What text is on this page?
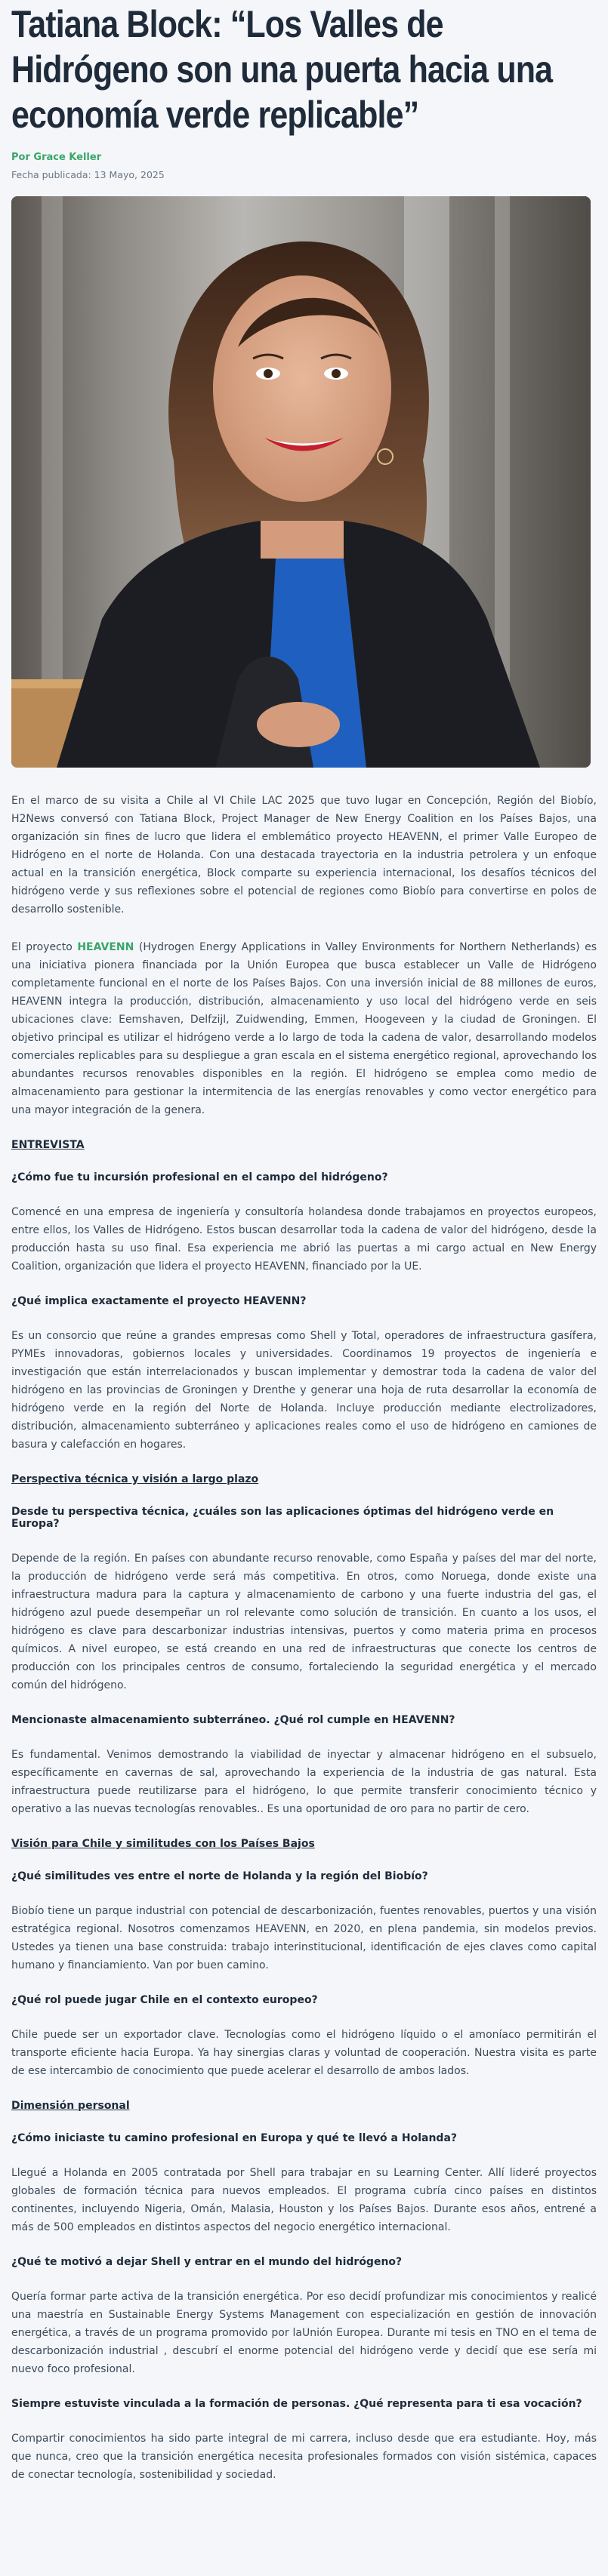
Tatiana Block: “Los Valles de Hidrógeno son una puerta hacia una economía verde replicable”
Por Grace Keller
Fecha publicada: 13 Mayo, 2025

En el marco de su visita a Chile al VI Chile LAC 2025 que tuvo lugar en Concepción, Región del Biobío, H2News conversó con Tatiana Block, Project Manager de New Energy Coalition en los Países Bajos, una organización sin fines de lucro que lidera el emblemático proyecto HEAVENN, el primer Valle Europeo de Hidrógeno en el norte de Holanda. Con una destacada trayectoria en la industria petrolera y un enfoque actual en la transición energética, Block comparte su experiencia internacional, los desafíos técnicos del hidrógeno verde y sus reflexiones sobre el potencial de regiones como Biobío para convertirse en polos de desarrollo sostenible.

El proyecto HEAVENN (Hydrogen Energy Applications in Valley Environments for Northern Netherlands) es una iniciativa pionera financiada por la Unión Europea que busca establecer un Valle de Hidrógeno completamente funcional en el norte de los Países Bajos. Con una inversión inicial de 88 millones de euros, HEAVENN integra la producción, distribución, almacenamiento y uso local del hidrógeno verde en seis ubicaciones clave: Eemshaven, Delfzijl, Zuidwending, Emmen, Hoogeveen y la ciudad de Groningen. El objetivo principal es utilizar el hidrógeno verde a lo largo de toda la cadena de valor, desarrollando modelos comerciales replicables para su despliegue a gran escala en el sistema energético regional, aprovechando los abundantes recursos renovables disponibles en la región. El hidrógeno se emplea como medio de almacenamiento para gestionar la intermitencia de las energías renovables y como vector energético para una mayor integración de la genera.

ENTREVISTA
¿Cómo fue tu incursión profesional en el campo del hidrógeno?

Comencé en una empresa de ingeniería y consultoría holandesa donde trabajamos en proyectos europeos, entre ellos, los Valles de Hidrógeno. Estos buscan desarrollar toda la cadena de valor del hidrógeno, desde la producción hasta su uso final. Esa experiencia me abrió las puertas a mi cargo actual en New Energy Coalition, organización que lidera el proyecto HEAVENN, financiado por la UE.

¿Qué implica exactamente el proyecto HEAVENN?

Es un consorcio que reúne a grandes empresas como Shell y Total, operadores de infraestructura gasífera, PYMEs innovadoras, gobiernos locales y universidades. Coordinamos 19 proyectos de ingeniería e investigación que están interrelacionados y buscan implementar y demostrar toda la cadena de valor del hidrógeno en las provincias de Groningen y Drenthe y generar una hoja de ruta desarrollar la economía de hidrógeno verde en la región del Norte de Holanda. Incluye producción mediante electrolizadores, distribución, almacenamiento subterráneo y aplicaciones reales como el uso de hidrógeno en camiones de basura y calefacción en hogares.

Perspectiva técnica y visión a largo plazo
Desde tu perspectiva técnica, ¿cuáles son las aplicaciones óptimas del hidrógeno verde en Europa?

Depende de la región. En países con abundante recurso renovable, como España y países del mar del norte, la producción de hidrógeno verde será más competitiva. En otros, como Noruega, donde existe una infraestructura madura para la captura y almacenamiento de carbono y una fuerte industria del gas, el hidrógeno azul puede desempeñar un rol relevante como solución de transición. En cuanto a los usos, el hidrógeno es clave para descarbonizar industrias intensivas, puertos y como materia prima en procesos químicos. A nivel europeo, se está creando en una red de infraestructuras que conecte los centros de producción con los principales centros de consumo, fortaleciendo la seguridad energética y el mercado común del hidrógeno.

Mencionaste almacenamiento subterráneo. ¿Qué rol cumple en HEAVENN?

Es fundamental. Venimos demostrando la viabilidad de inyectar y almacenar hidrógeno en el subsuelo, específicamente en cavernas de sal, aprovechando la experiencia de la industria de gas natural. Esta infraestructura puede reutilizarse para el hidrógeno, lo que permite transferir conocimiento técnico y operativo a las nuevas tecnologías renovables.. Es una oportunidad de oro para no partir de cero.

Visión para Chile y similitudes con los Países Bajos
¿Qué similitudes ves entre el norte de Holanda y la región del Biobío?

Biobío tiene un parque industrial con potencial de descarbonización, fuentes renovables, puertos y una visión estratégica regional. Nosotros comenzamos HEAVENN, en 2020, en plena pandemia, sin modelos previos. Ustedes ya tienen una base construida: trabajo interinstitucional, identificación de ejes claves como capital humano y financiamiento. Van por buen camino.

¿Qué rol puede jugar Chile en el contexto europeo?

Chile puede ser un exportador clave. Tecnologías como el hidrógeno líquido o el amoníaco permitirán el transporte eficiente hacia Europa. Ya hay sinergias claras y voluntad de cooperación. Nuestra visita es parte de ese intercambio de conocimiento que puede acelerar el desarrollo de ambos lados.

Dimensión personal
¿Cómo iniciaste tu camino profesional en Europa y qué te llevó a Holanda?

Llegué a Holanda en 2005 contratada por Shell para trabajar en su Learning Center. Allí lideré proyectos globales de formación técnica para nuevos empleados. El programa cubría cinco países en distintos continentes, incluyendo Nigeria, Omán, Malasia, Houston y los Países Bajos. Durante esos años, entrené a más de 500 empleados en distintos aspectos del negocio energético internacional.

¿Qué te motivó a dejar Shell y entrar en el mundo del hidrógeno?

Quería formar parte activa de la transición energética. Por eso decidí profundizar mis conocimientos y realicé una maestría en Sustainable Energy Systems Management con especialización en gestión de innovación energética, a través de un programa promovido por laUnión Europea. Durante mi tesis en TNO en el tema de descarbonización industrial , descubrí el enorme potencial del hidrógeno verde y decidí que ese sería mi nuevo foco profesional.

Siempre estuviste vinculada a la formación de personas. ¿Qué representa para ti esa vocación?

Compartir conocimientos ha sido parte integral de mi carrera, incluso desde que era estudiante. Hoy, más que nunca, creo que la transición energética necesita profesionales formados con visión sistémica, capaces de conectar tecnología, sostenibilidad y sociedad.
